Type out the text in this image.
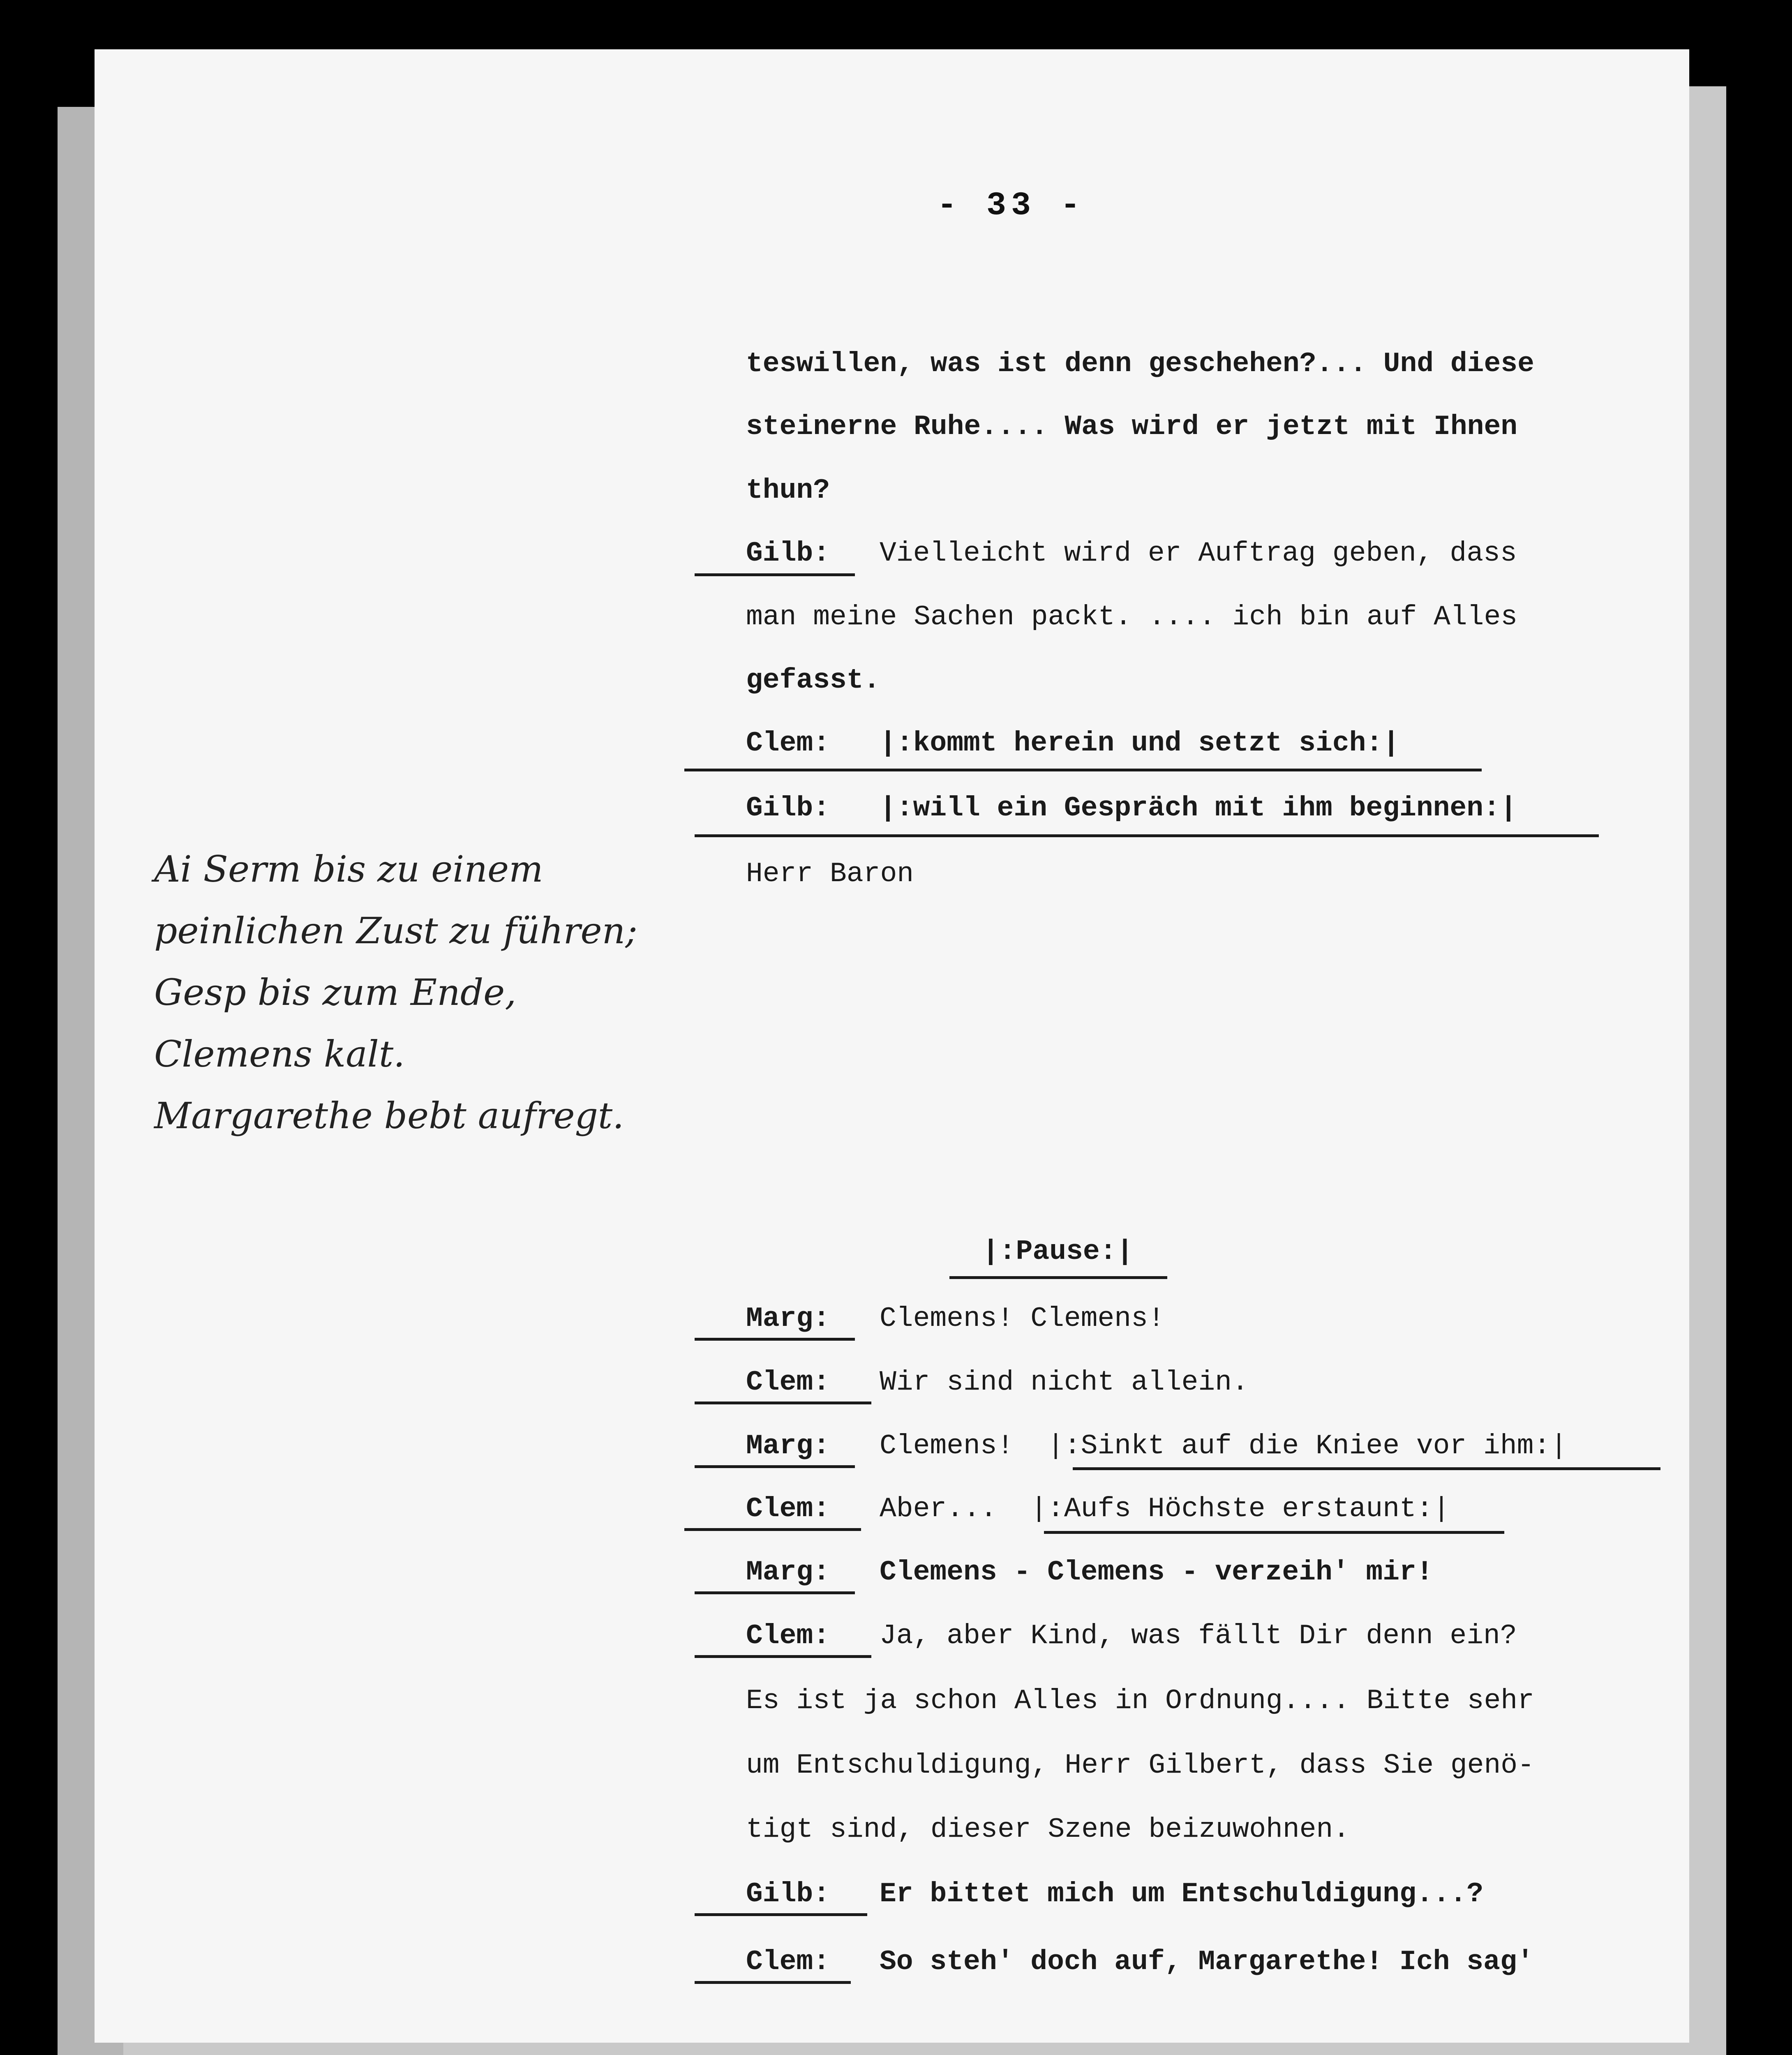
- 33 -
teswillen, was ist denn geschehen?... Und diese
steinerne Ruhe.... Was wird er jetzt mit Ihnen
thun?
Gilb: Vielleicht wird er Auftrag geben, dass
man meine Sachen packt. .... ich bin auf Alles
gefasst.
Clem: |:kommt herein und setzt sich:|
Gilb: |:will ein Gespräch mit ihm beginnen:|
Herr Baron
Ai Serm bis zu einem
peinlichen Zust zu führen;
Gesp bis zum Ende,
Clemens kalt.
Margarethe bebt aufregt.
|:Pause:|
Marg: Clemens! Clemens!
Clem: Wir sind nicht allein.
Marg: Clemens!  |:Sinkt auf die Kniee vor ihm:|
Clem: Aber...  |:Aufs Höchste erstaunt:|
Marg: Clemens - Clemens - verzeih' mir!
Clem: Ja, aber Kind, was fällt Dir denn ein?
Es ist ja schon Alles in Ordnung.... Bitte sehr
um Entschuldigung, Herr Gilbert, dass Sie genö-
tigt sind, dieser Szene beizuwohnen.
Gilb: Er bittet mich um Entschuldigung...?
Clem: So steh' doch auf, Margarethe! Ich sag'
